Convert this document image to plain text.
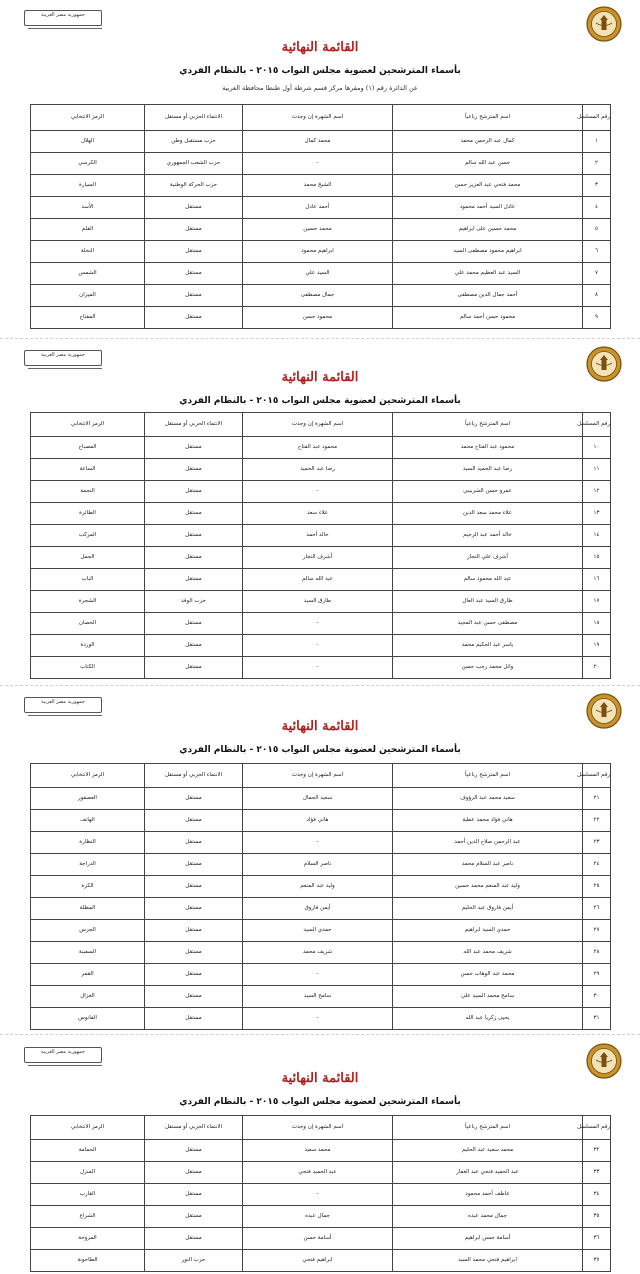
جمهورية مصر العربية
القائمة النهائية
بأسماء المترشحين لعضوية مجلس النواب ٢٠١٥ - بالنظام الفردي
عن الدائرة رقم (١) ومقرها مركز قسم شرطة أول طنطا محافظة الغربية
رقم المسلسل	اسم المترشح رباعياً	اسم الشهرة إن وجدت	الانتماء الحزبي أو مستقل	الرمز الانتخابي
١	كمال عبد الرحمن محمد	محمد كمال	حزب مستقبل وطن	الهلال
٢	حسن عبد الله سالم	-	حزب الشعب الجمهوري	الكرسي
٣	محمد فتحي عبد العزيز حسن	الشيخ محمد	حزب الحركة الوطنية	السيارة
٤	عادل السيد أحمد محمود	أحمد عادل	مستقل	الأسد
٥	محمد حسين على ابراهيم	محمد حسين	مستقل	القلم
٦	ابراهيم محمود مصطفى السيد	ابراهيم محمود	مستقل	النخلة
٧	السيد عبد العظيم محمد علي	السيد علي	مستقل	الشمس
٨	أحمد جمال الدين مصطفى	جمال مصطفى	مستقل	الميزان
٩	محمود حسن أحمد سالم	محمود حسن	مستقل	المفتاح
جمهورية مصر العربية
القائمة النهائية
بأسماء المترشحين لعضوية مجلس النواب ٢٠١٥ - بالنظام الفردي
رقم المسلسل	اسم المترشح رباعياً	اسم الشهرة إن وجدت	الانتماء الحزبي أو مستقل	الرمز الانتخابي
١٠	محمود عبد الفتاح محمد	محمود عبد الفتاح	مستقل	المصباح
١١	رضا عبد الحميد السيد	رضا عبد الحميد	مستقل	الساعة
١٢	عمرو حسن الشربيني	-	مستقل	النجمة
١٣	علاء محمد سعد الدين	علاء سعد	مستقل	الطائرة
١٤	خالد أحمد عبد الرحيم	خالد أحمد	مستقل	المركب
١٥	أشرف علي النجار	أشرف النجار	مستقل	الجمل
١٦	عبد الله محمود سالم	عبد الله سالم	مستقل	الباب
١٧	طارق السيد عبد العال	طارق السيد	حزب الوفد	الشجرة
١٨	مصطفى حسن عبد المجيد	-	مستقل	الحصان
١٩	ياسر عبد الحكيم محمد	-	مستقل	الوردة
٢٠	وائل محمد رجب حسن	-	مستقل	الكتاب
جمهورية مصر العربية
القائمة النهائية
بأسماء المترشحين لعضوية مجلس النواب ٢٠١٥ - بالنظام الفردي
رقم المسلسل	اسم المترشح رباعياً	اسم الشهرة إن وجدت	الانتماء الحزبي أو مستقل	الرمز الانتخابي
٢١	سعيد محمد عبد الرؤوف	سعيد الجمال	مستقل	العصفور
٢٢	هاني فؤاد محمد عطية	هاني فؤاد	مستقل	الهاتف
٢٣	عبد الرحمن صلاح الدين أحمد	-	مستقل	النظارة
٢٤	ناصر عبد السلام محمد	ناصر السلام	مستقل	الدراجة
٢٥	وليد عبد المنعم محمد حسين	وليد عبد المنعم	مستقل	الكرة
٢٦	أيمن فاروق عبد الحليم	أيمن فاروق	مستقل	المظلة
٢٧	حمدي السيد ابراهيم	حمدي السيد	مستقل	الجرس
٢٨	شريف محمد عبد الله	شريف محمد	مستقل	السفينة
٢٩	محمد عبد الوهاب حسن	-	مستقل	القمر
٣٠	سامح محمد السيد علي	سامح السيد	مستقل	الغزال
٣١	يحيى زكريا عبد الله	-	مستقل	الفانوس
جمهورية مصر العربية
القائمة النهائية
بأسماء المترشحين لعضوية مجلس النواب ٢٠١٥ - بالنظام الفردي
رقم المسلسل	اسم المترشح رباعياً	اسم الشهرة إن وجدت	الانتماء الحزبي أو مستقل	الرمز الانتخابي
٣٢	محمد سعيد عبد الحليم	محمد سعيد	مستقل	الحمامة
٣٣	عبد الحميد فتحي عبد الغفار	عبد الحميد فتحي	مستقل	المنزل
٣٤	عاطف أحمد محمود	-	مستقل	القارب
٣٥	جمال محمد عبده	جمال عبده	مستقل	الشراع
٣٦	أسامة حسن ابراهيم	أسامة حسن	مستقل	المروحة
٣٧	ابراهيم فتحي محمد السيد	ابراهيم فتحي	حزب النور	الطاحونة
